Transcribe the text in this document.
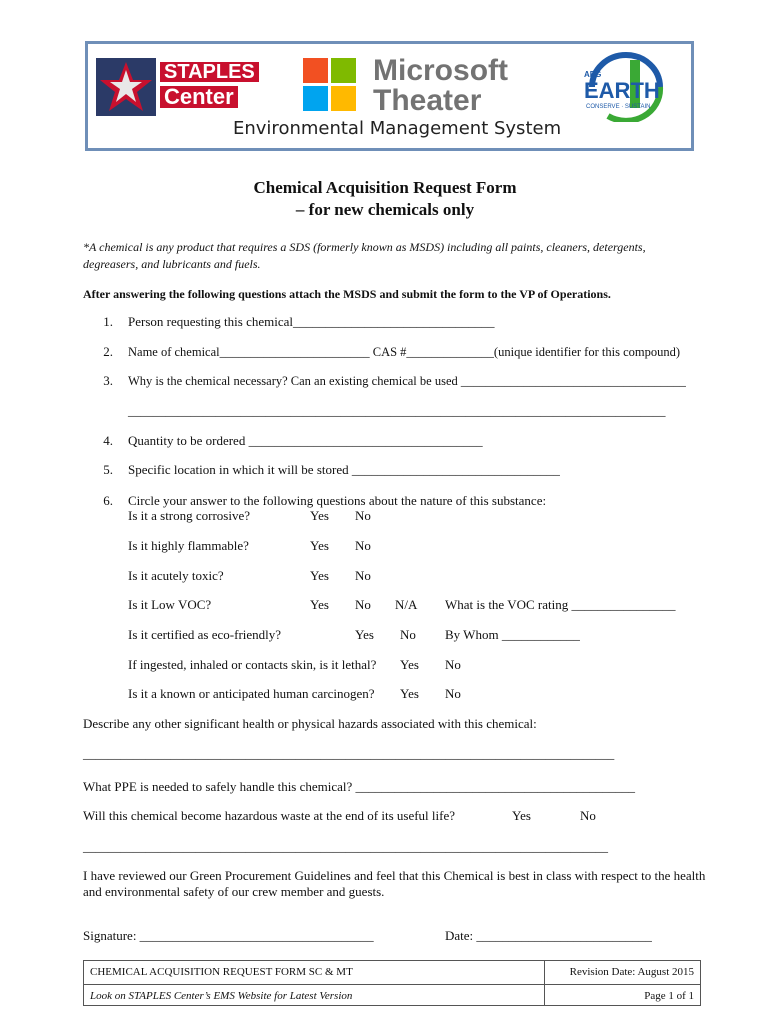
STAPLES
Center
Microsoft
Theater
AEG
EARTH
CONSERVE · SUSTAIN
Environmental Management System
Chemical Acquisition Request Form
– for new chemicals only
*A chemical is any product that requires a SDS (formerly known as MSDS) including all paints, cleaners, detergents,
degreasers, and lubricants and fuels.
After answering the following questions attach the MSDS and submit the form to the VP of Operations.
1. Person requesting this chemical_______________________________
2. Name of chemical________________________ CAS #______________(unique identifier for this compound)
3. Why is the chemical necessary? Can an existing chemical be used ____________________________________
______________________________________________________________________________________
4. Quantity to be ordered ____________________________________
5. Specific location in which it will be stored ________________________________
6. Circle your answer to the following questions about the nature of this substance:
Is it a strong corrosive?	Yes No
Is it highly flammable?	Yes No
Is it acutely toxic?	Yes No
Is it Low VOC?	Yes No N/A What is the VOC rating ________________
Is it certified as eco-friendly?	Yes No By Whom ____________
If ingested, inhaled or contacts skin, is it lethal? Yes No
Is it a known or anticipated human carcinogen? Yes No
Describe any other significant health or physical hazards associated with this chemical:
_____________________________________________________________________________________
What PPE is needed to safely handle this chemical? ___________________________________________
Will this chemical become hazardous waste at the end of its useful life?	Yes	No
____________________________________________________________________________________
I have reviewed our Green Procurement Guidelines and feel that this Chemical is best in class with respect to the health
and environmental safety of our crew member and guests.
Signature: ____________________________________	Date: ___________________________
CHEMICAL ACQUISITION REQUEST FORM SC & MT	Revision Date: August 2015
Look on STAPLES Center’s EMS Website for Latest Version	Page 1 of 1
